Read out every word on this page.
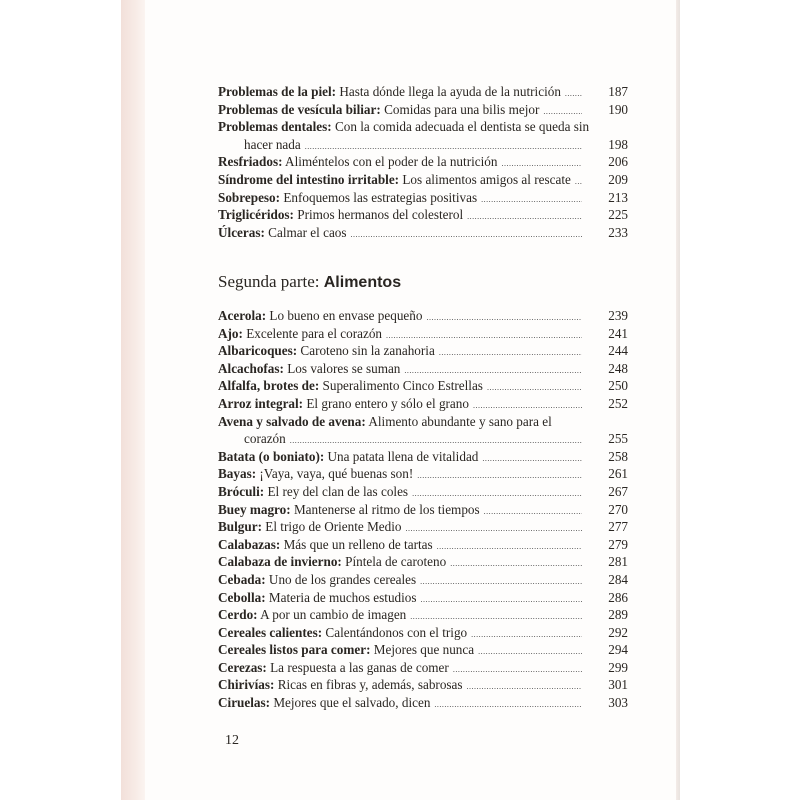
Problemas de la piel: Hasta dónde llega la ayuda de la nutrición .....	187
Problemas de vesícula biliar: Comidas para una bilis mejor .....	190
Problemas dentales: Con la comida adecuada el dentista se queda sin
hacer nada .....	198
Resfriados: Aliméntelos con el poder de la nutrición .....	206
Síndrome del intestino irritable: Los alimentos amigos al rescate .....	209
Sobrepeso: Enfoquemos las estrategias positivas .....	213
Triglicéridos: Primos hermanos del colesterol .....	225
Úlceras: Calmar el caos .....	233
Segunda parte: Alimentos
Acerola: Lo bueno en envase pequeño .....	239
Ajo: Excelente para el corazón .....	241
Albaricoques: Caroteno sin la zanahoria .....	244
Alcachofas: Los valores se suman .....	248
Alfalfa, brotes de: Superalimento Cinco Estrellas .....	250
Arroz integral: El grano entero y sólo el grano .....	252
Avena y salvado de avena: Alimento abundante y sano para el
corazón .....	255
Batata (o boniato): Una patata llena de vitalidad .....	258
Bayas: ¡Vaya, vaya, qué buenas son! .....	261
Bróculi: El rey del clan de las coles .....	267
Buey magro: Mantenerse al ritmo de los tiempos .....	270
Bulgur: El trigo de Oriente Medio .....	277
Calabazas: Más que un relleno de tartas .....	279
Calabaza de invierno: Píntela de caroteno .....	281
Cebada: Uno de los grandes cereales .....	284
Cebolla: Materia de muchos estudios .....	286
Cerdo: A por un cambio de imagen .....	289
Cereales calientes: Calentándonos con el trigo .....	292
Cereales listos para comer: Mejores que nunca .....	294
Cerezas: La respuesta a las ganas de comer .....	299
Chirivías: Ricas en fibras y, además, sabrosas .....	301
Ciruelas: Mejores que el salvado, dicen .....	303
12
